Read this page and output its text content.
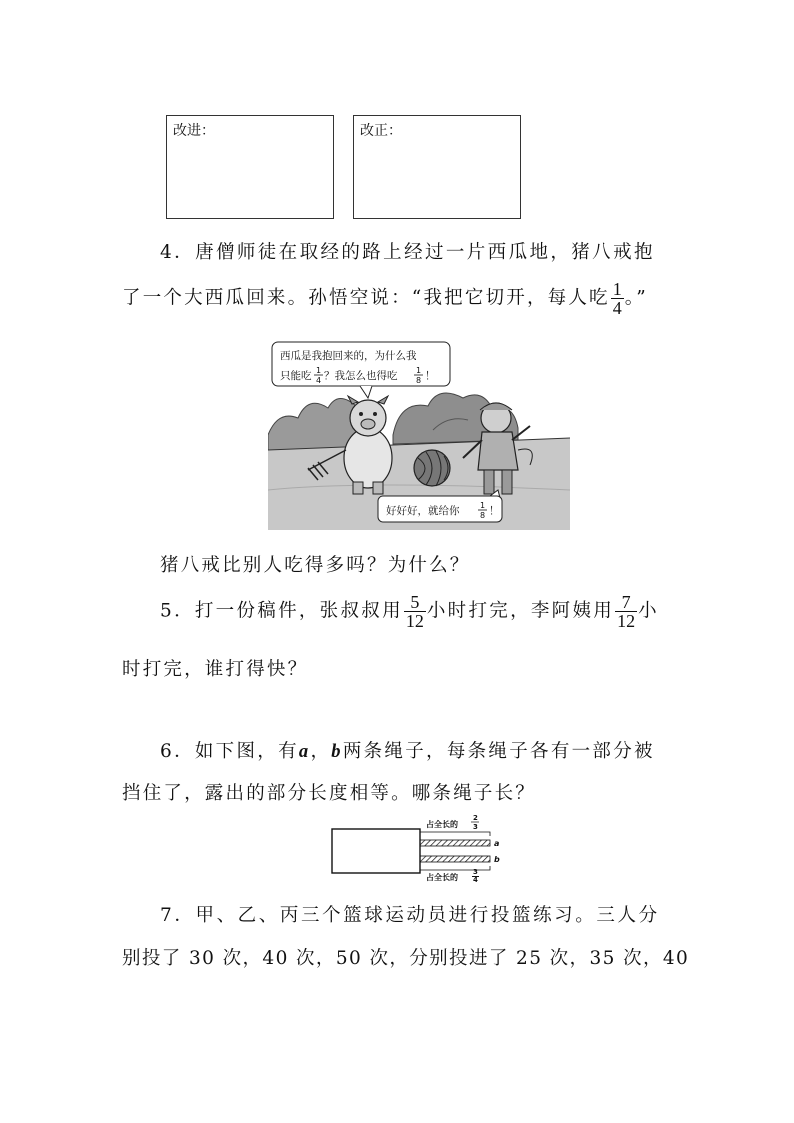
改进：	改正：
4．唐僧师徒在取经的路上经过一片西瓜地，猪八戒抱
了一个大西瓜回来。孙悟空说：“我把它切开，每人吃 $\frac{1}{4}$ 。”
西瓜是我抱回来的，为什么我
只能吃 1
4 ？我怎么也得吃 1
8 ！
好好好，就给你	1
8 ！
猪八戒比别人吃得多吗？为什么？
5．打一份稿件，张叔叔用 $\frac{5}{12}$ 小时打完，李阿姨用 $\frac{7}{12}$ 小
时打完，谁打得快？
6．如下图，有a，b两条绳子，每条绳子各有一部分被
挡住了，露出的部分长度相等。哪条绳子长？
占全长的
2
3
a
b
3
4
占全长的
7．甲、乙、丙三个篮球运动员进行投篮练习。三人分
别投了 30 次，40 次，50 次，分别投进了 25 次，35 次，40
